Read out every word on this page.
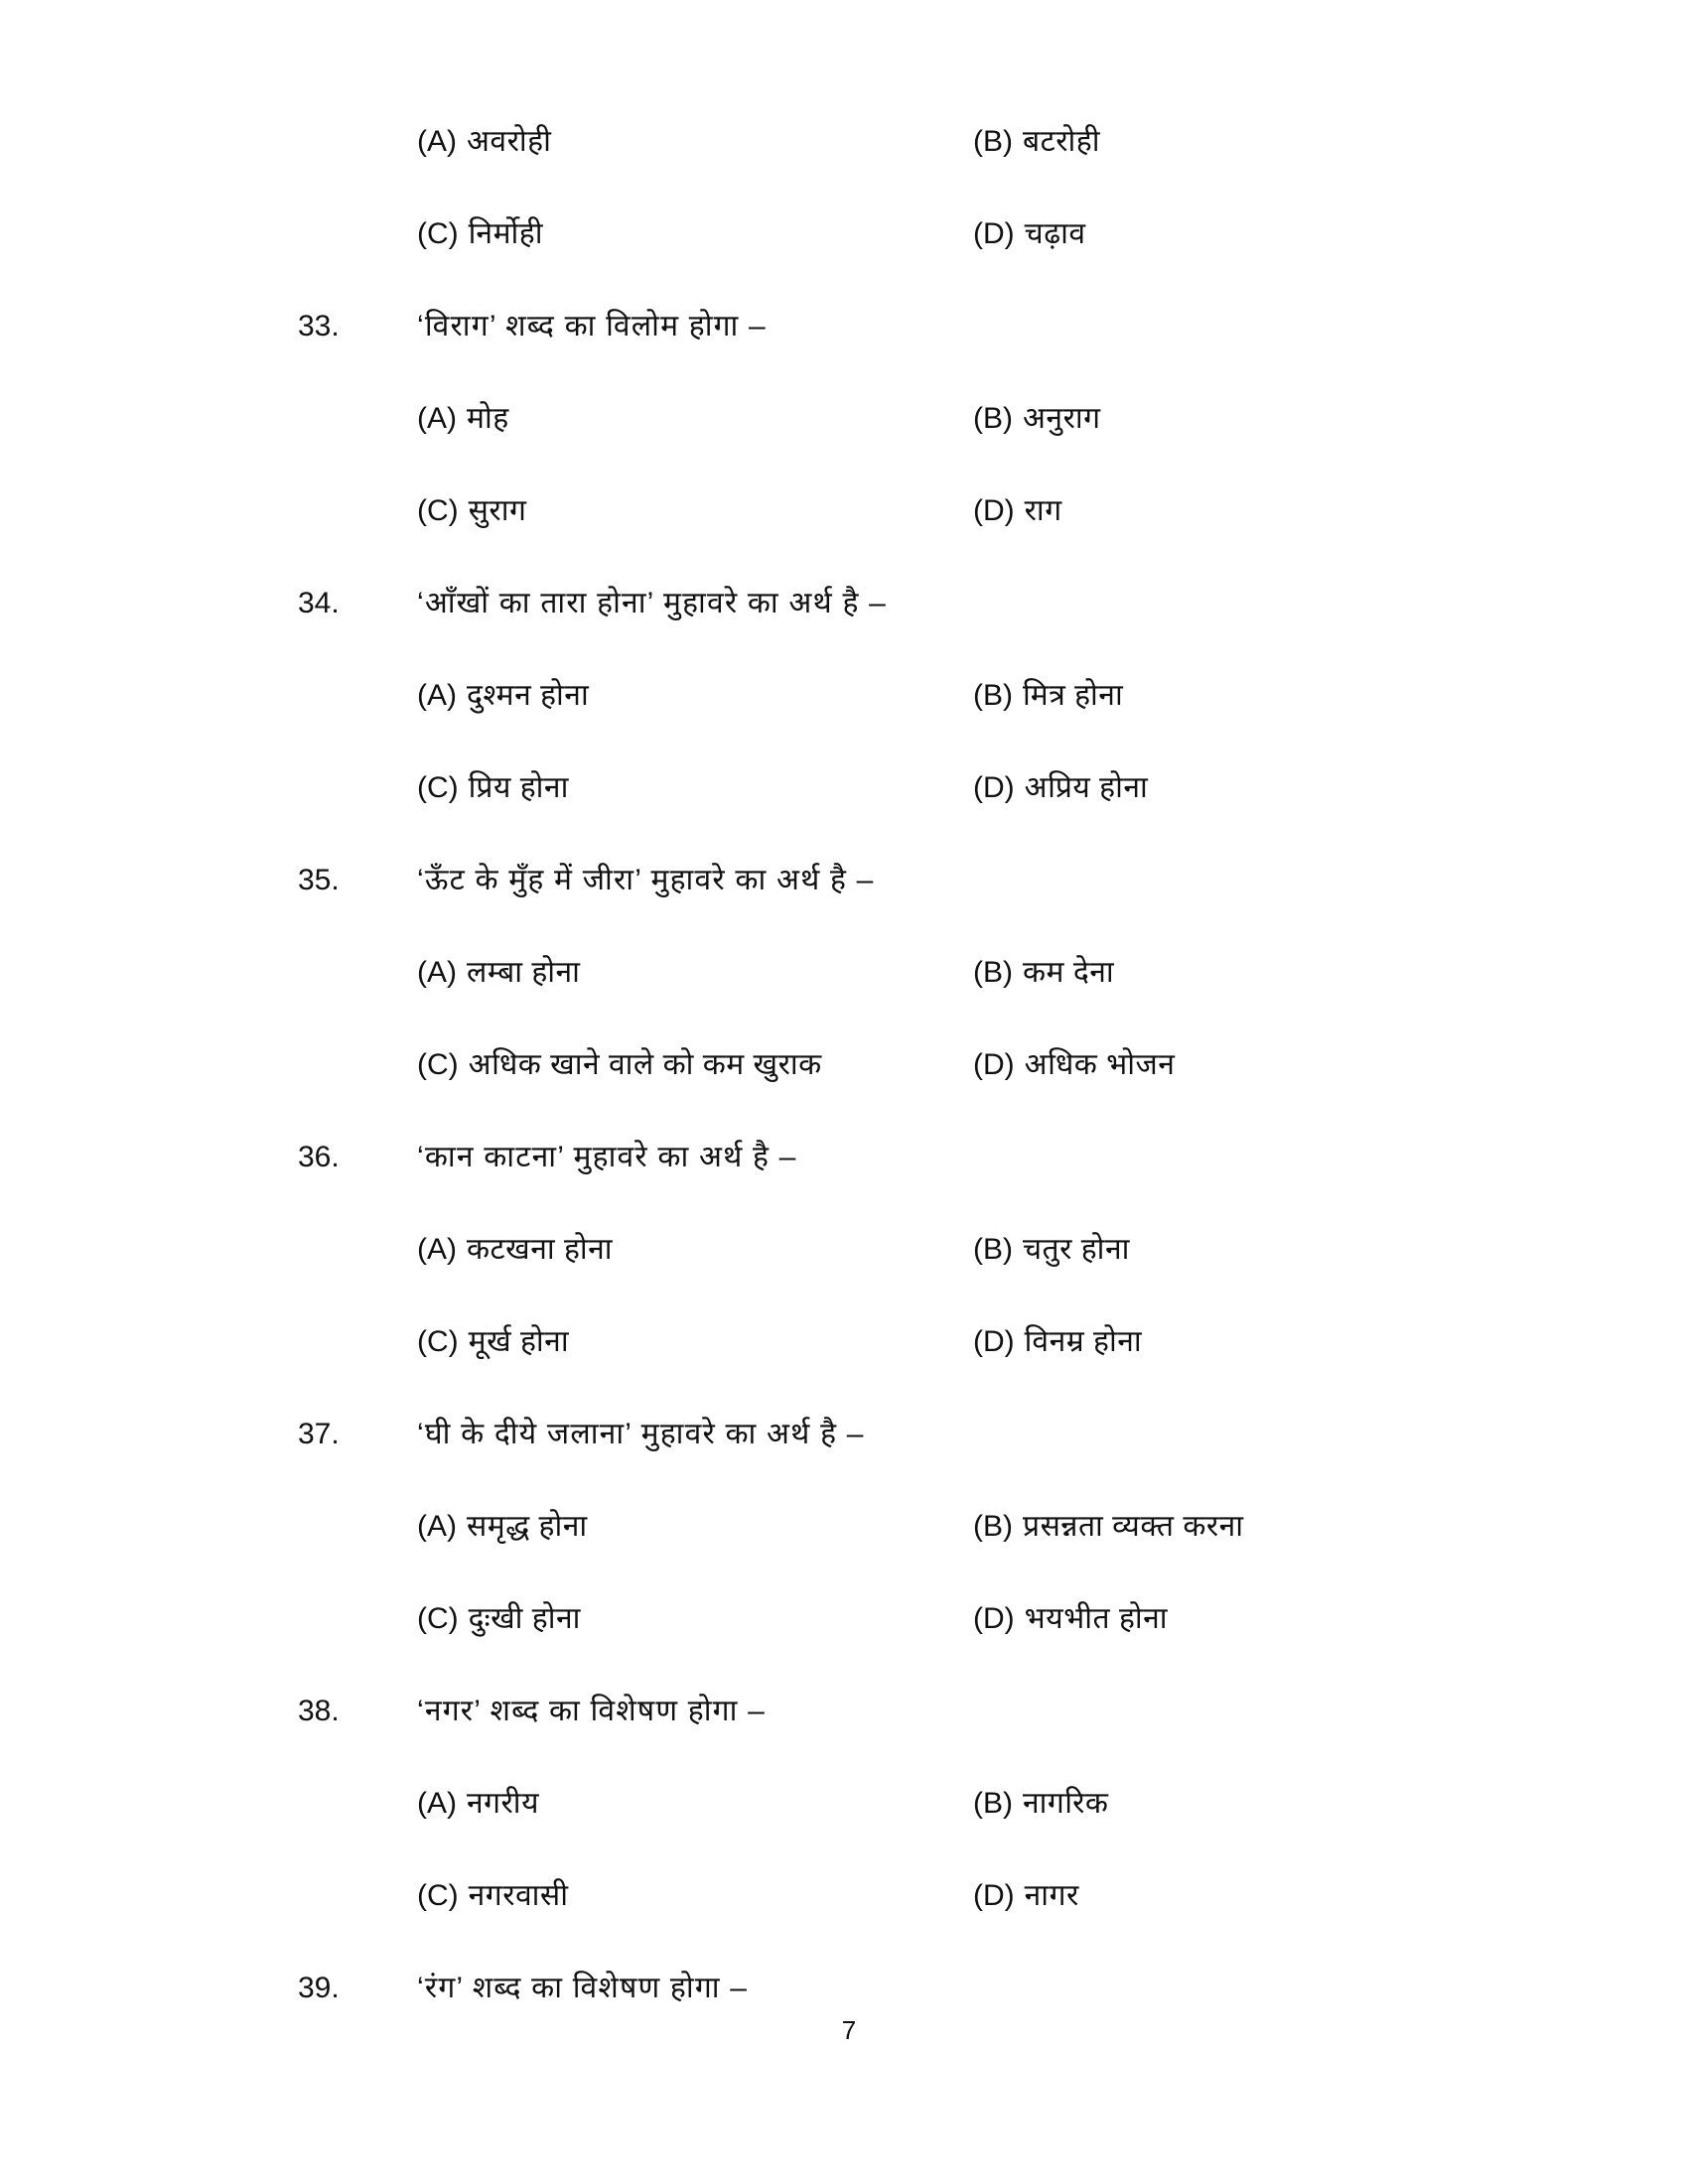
(A) अवरोही	(B) बटरोही
(C) निर्मोही	(D) चढ़ाव
33.	‘विराग’ शब्द का विलोम होगा –
(A) मोह	(B) अनुराग
(C) सुराग	(D) राग
34.	‘आँखों का तारा होना’ मुहावरे का अर्थ है –
(A) दुश्मन होना	(B) मित्र होना
(C) प्रिय होना	(D) अप्रिय होना
35.	‘ऊँट के मुँह में जीरा’ मुहावरे का अर्थ है –
(A) लम्बा होना	(B) कम देना
(C) अधिक खाने वाले को कम खुराक	(D) अधिक भोजन
36.	‘कान काटना’ मुहावरे का अर्थ है –
(A) कटखना होना	(B) चतुर होना
(C) मूर्ख होना	(D) विनम्र होना
37.	‘घी के दीये जलाना’ मुहावरे का अर्थ है –
(A) समृद्ध होना	(B) प्रसन्नता व्यक्त करना
(C) दुःखी होना	(D) भयभीत होना
38.	‘नगर’ शब्द का विशेषण होगा –
(A) नगरीय	(B) नागरिक
(C) नगरवासी	(D) नागर
39.	‘रंग’ शब्द का विशेषण होगा –
7
